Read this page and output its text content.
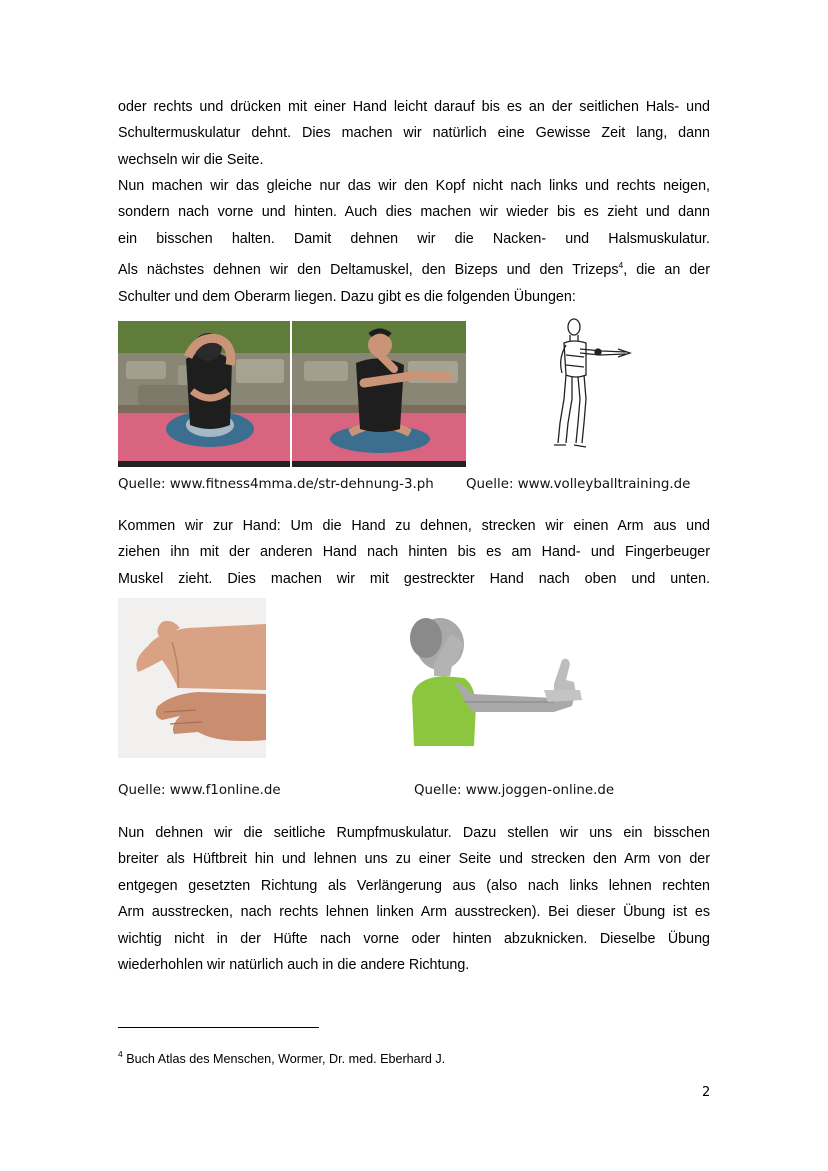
oder rechts und drücken mit einer Hand leicht darauf bis es an der seitlichen Hals- und
Schultermuskulatur dehnt. Dies machen wir natürlich eine Gewisse Zeit lang, dann
wechseln wir die Seite.

Nun machen wir das gleiche nur das wir den Kopf nicht nach links und rechts neigen,
sondern nach vorne und hinten. Auch dies machen wir wieder bis es zieht und dann
ein bisschen halten. Damit dehnen wir die Nacken- und Halsmuskulatur.
Als nächstes dehnen wir den Deltamuskel, den Bizeps und den Trizeps$^4$, die an der
Schulter und dem Oberarm liegen. Dazu gibt es die folgenden Übungen:

Quelle: www.fitness4mma.de/str-dehnung-3.ph Quelle: www.volleyballtraining.de

Kommen wir zur Hand: Um die Hand zu dehnen, strecken wir einen Arm aus und
ziehen ihn mit der anderen Hand nach hinten bis es am Hand- und Fingerbeuger
Muskel zieht. Dies machen wir mit gestreckter Hand nach oben und unten.

Quelle: www.f1online.de	Quelle: www.joggen-online.de

Nun dehnen wir die seitliche Rumpfmuskulatur. Dazu stellen wir uns ein bisschen
breiter als Hüftbreit hin und lehnen uns zu einer Seite und strecken den Arm von der
entgegen gesetzten Richtung als Verlängerung aus (also nach links lehnen rechten
Arm ausstrecken, nach rechts lehnen linken Arm ausstrecken). Bei dieser Übung ist es
wichtig nicht in der Hüfte nach vorne oder hinten abzuknicken. Dieselbe Übung
wiederhohlen wir natürlich auch in die andere Richtung.

$^4$ Buch Atlas des Menschen, Wormer, Dr. med. Eberhard J.
2
